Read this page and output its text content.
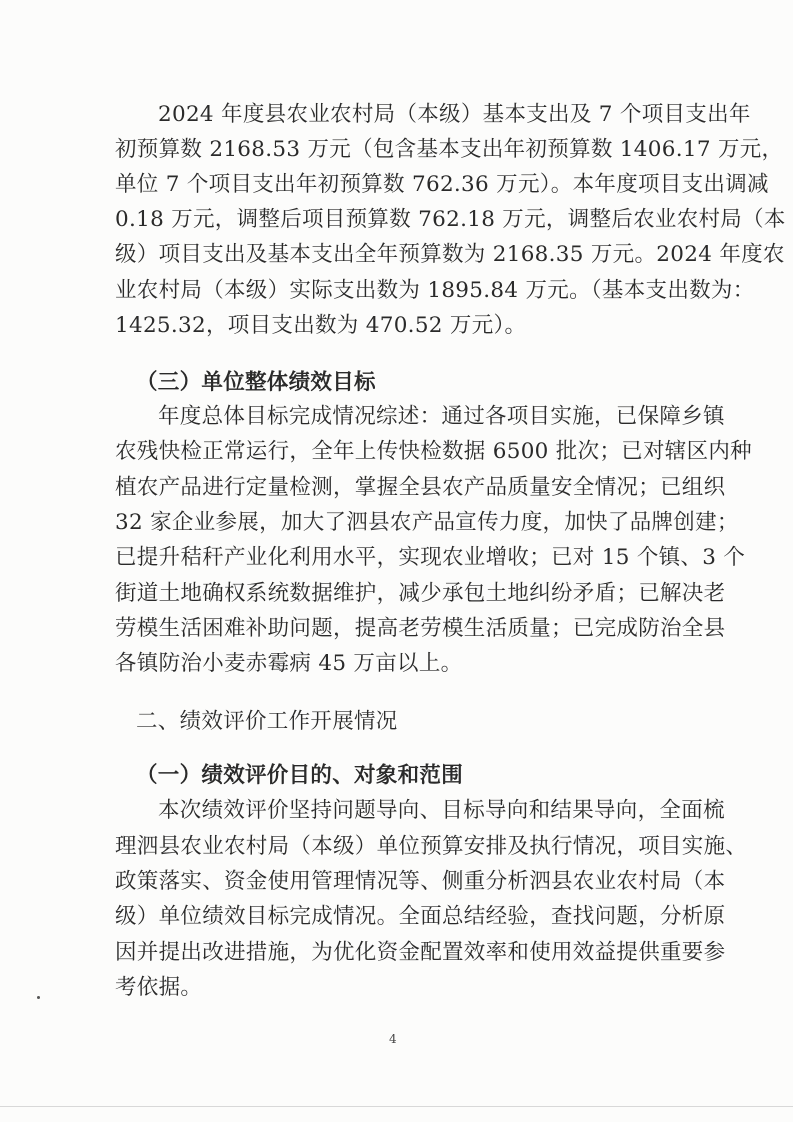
2024 年度县农业农村局（本级）基本支出及 7 个项目支出年
初预算数 2168.53 万元（包含基本支出年初预算数 1406.17 万元，
单位 7 个项目支出年初预算数 762.36 万元）。本年度项目支出调减
0.18 万元，调整后项目预算数 762.18 万元，调整后农业农村局（本
级）项目支出及基本支出全年预算数为 2168.35 万元。2024 年度农
业农村局（本级）实际支出数为 1895.84 万元。（基本支出数为：
1425.32，项目支出数为 470.52 万元）。
（三）单位整体绩效目标
年度总体目标完成情况综述：通过各项目实施，已保障乡镇
农残快检正常运行，全年上传快检数据 6500 批次；已对辖区内种
植农产品进行定量检测，掌握全县农产品质量安全情况；已组织
32 家企业参展，加大了泗县农产品宣传力度，加快了品牌创建；
已提升秸秆产业化利用水平，实现农业增收；已对 15 个镇、3 个
街道土地确权系统数据维护，减少承包土地纠纷矛盾；已解决老
劳模生活困难补助问题，提高老劳模生活质量；已完成防治全县
各镇防治小麦赤霉病 45 万亩以上。
二、绩效评价工作开展情况
（一）绩效评价目的、对象和范围
本次绩效评价坚持问题导向、目标导向和结果导向，全面梳
理泗县农业农村局（本级）单位预算安排及执行情况，项目实施、
政策落实、资金使用管理情况等、侧重分析泗县农业农村局（本
级）单位绩效目标完成情况。全面总结经验，查找问题，分析原
因并提出改进措施，为优化资金配置效率和使用效益提供重要参
考依据。
4
